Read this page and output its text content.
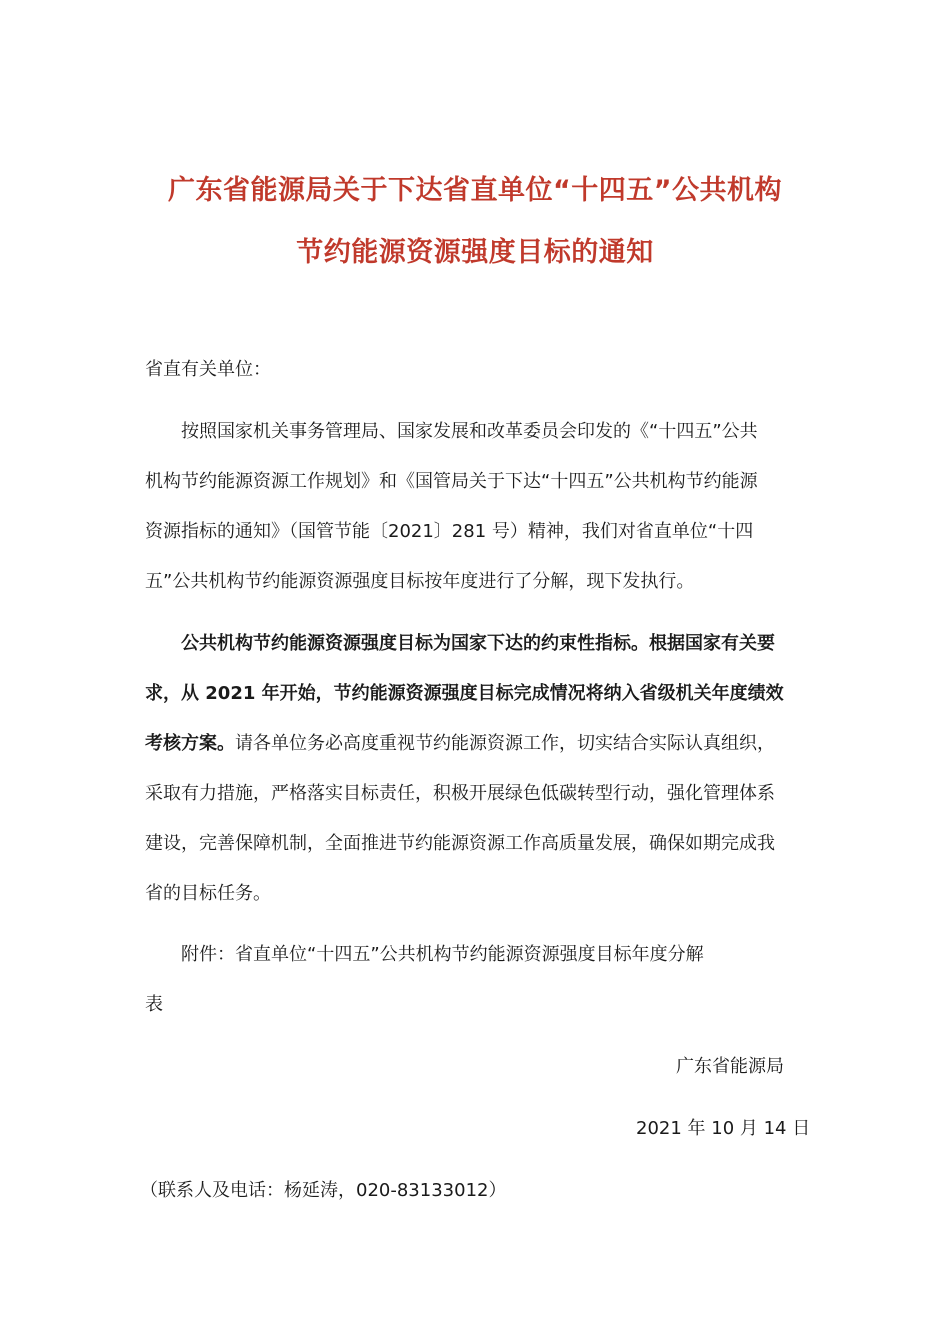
广东省能源局关于下达省直单位“十四五”公共机构
节约能源资源强度目标的通知
省直有关单位：
　　按照国家机关事务管理局、国家发展和改革委员会印发的《“十四五”公共
机构节约能源资源工作规划》和《国管局关于下达“十四五”公共机构节约能源
资源指标的通知》（国管节能〔2021〕281 号）精神，我们对省直单位“十四
五”公共机构节约能源资源强度目标按年度进行了分解，现下发执行。
　　公共机构节约能源资源强度目标为国家下达的约束性指标。根据国家有关要
求，从 2021 年开始，节约能源资源强度目标完成情况将纳入省级机关年度绩效
考核方案。请各单位务必高度重视节约能源资源工作，切实结合实际认真组织，
采取有力措施，严格落实目标责任，积极开展绿色低碳转型行动，强化管理体系
建设，完善保障机制，全面推进节约能源资源工作高质量发展，确保如期完成我
省的目标任务。
　　附件：省直单位“十四五”公共机构节约能源资源强度目标年度分解
表
广东省能源局
2021 年 10 月 14 日
（联系人及电话：杨延涛，020-83133012）
